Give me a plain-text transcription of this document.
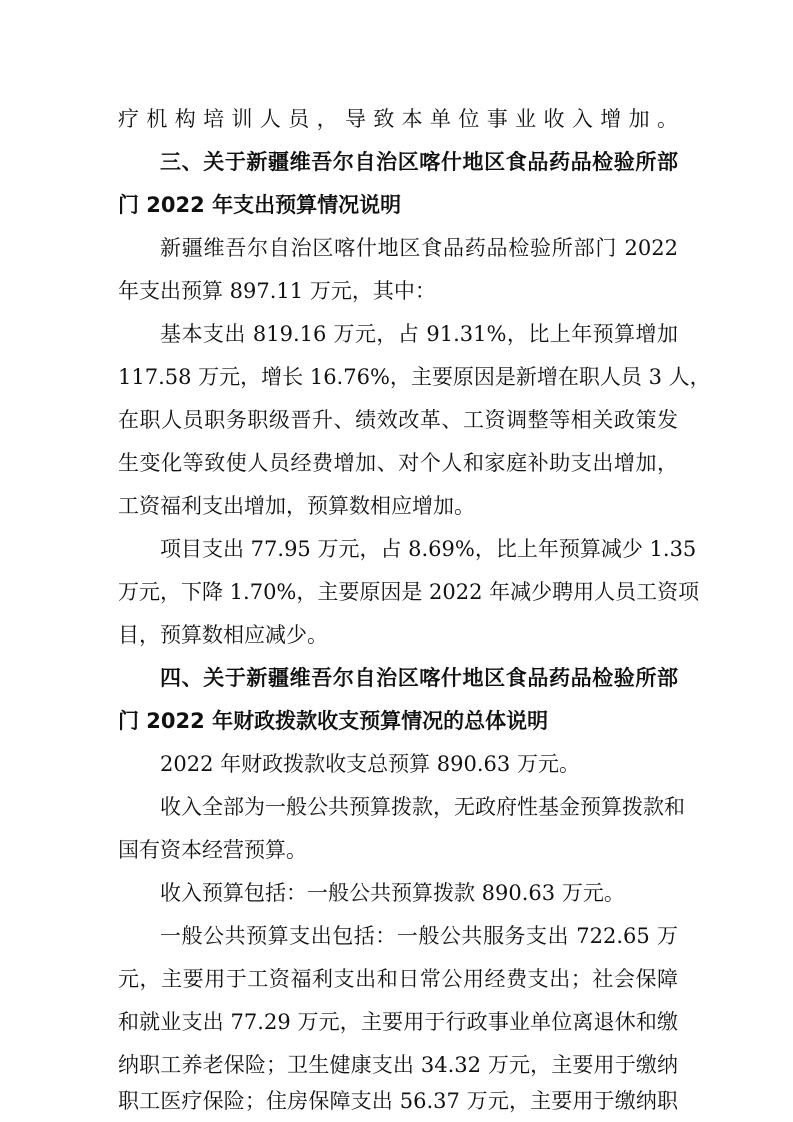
疗机构培训人员，导致本单位事业收入增加。
三、关于新疆维吾尔自治区喀什地区食品药品检验所部
门 2022 年支出预算情况说明
新疆维吾尔自治区喀什地区食品药品检验所部门 2022
年支出预算 897.11 万元，其中：
基本支出 819.16 万元，占 91.31%，比上年预算增加
117.58 万元，增长 16.76%，主要原因是新增在职人员 3 人，
在职人员职务职级晋升、绩效改革、工资调整等相关政策发
生变化等致使人员经费增加、对个人和家庭补助支出增加，
工资福利支出增加，预算数相应增加。
项目支出 77.95 万元，占 8.69%，比上年预算减少 1.35
万元，下降 1.70%，主要原因是 2022 年减少聘用人员工资项
目，预算数相应减少。
四、关于新疆维吾尔自治区喀什地区食品药品检验所部
门 2022 年财政拨款收支预算情况的总体说明
2022 年财政拨款收支总预算 890.63 万元。
收入全部为一般公共预算拨款，无政府性基金预算拨款和
国有资本经营预算。
收入预算包括：一般公共预算拨款 890.63 万元。
一般公共预算支出包括：一般公共服务支出 722.65 万
元，主要用于工资福利支出和日常公用经费支出；社会保障
和就业支出 77.29 万元，主要用于行政事业单位离退休和缴
纳职工养老保险；卫生健康支出 34.32 万元，主要用于缴纳
职工医疗保险；住房保障支出 56.37 万元，主要用于缴纳职
